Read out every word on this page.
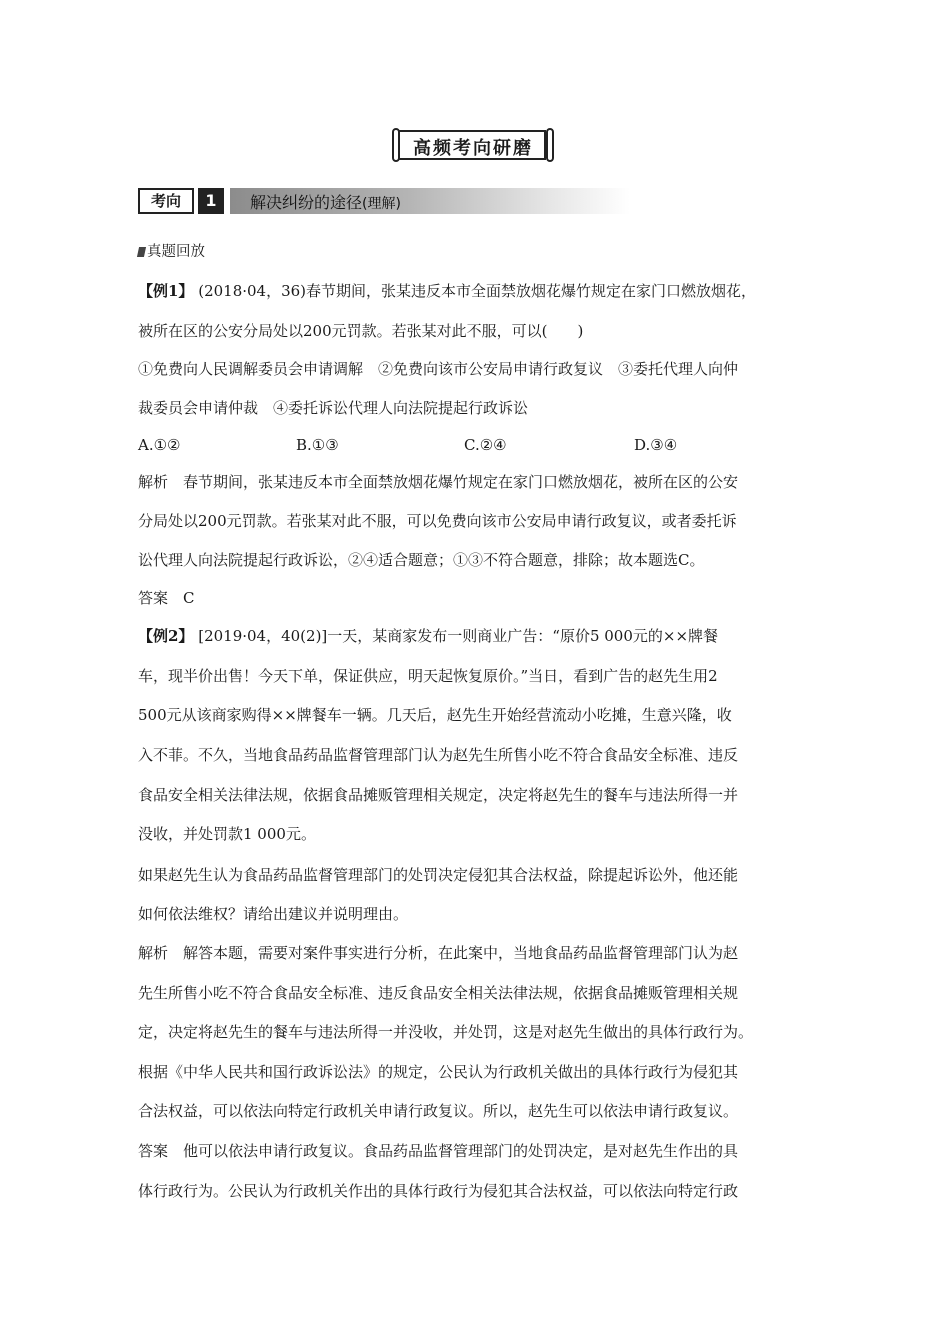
高频考向研磨
考向	1	解决纠纷的途径(理解)
真题回放
【例1】 (2018·04，36)春节期间，张某违反本市全面禁放烟花爆竹规定在家门口燃放烟花，
被所在区的公安分局处以200元罚款。若张某对此不服，可以(　　)
①免费向人民调解委员会申请调解　②免费向该市公安局申请行政复议　③委托代理人向仲
裁委员会申请仲裁　④委托诉讼代理人向法院提起行政诉讼
A.①②	B.①③	C.②④	D.③④
解析　春节期间，张某违反本市全面禁放烟花爆竹规定在家门口燃放烟花，被所在区的公安
分局处以200元罚款。若张某对此不服，可以免费向该市公安局申请行政复议，或者委托诉
讼代理人向法院提起行政诉讼，②④适合题意；①③不符合题意，排除；故本题选C。
答案　C
【例2】 [2019·04，40(2)]一天，某商家发布一则商业广告：“原价5 000元的××牌餐
车，现半价出售！今天下单，保证供应，明天起恢复原价。”当日，看到广告的赵先生用2
500元从该商家购得××牌餐车一辆。几天后，赵先生开始经营流动小吃摊，生意兴隆，收
入不菲。不久，当地食品药品监督管理部门认为赵先生所售小吃不符合食品安全标准、违反
食品安全相关法律法规，依据食品摊贩管理相关规定，决定将赵先生的餐车与违法所得一并
没收，并处罚款1 000元。
如果赵先生认为食品药品监督管理部门的处罚决定侵犯其合法权益，除提起诉讼外，他还能
如何依法维权？请给出建议并说明理由。
解析　解答本题，需要对案件事实进行分析，在此案中，当地食品药品监督管理部门认为赵
先生所售小吃不符合食品安全标准、违反食品安全相关法律法规，依据食品摊贩管理相关规
定，决定将赵先生的餐车与违法所得一并没收，并处罚，这是对赵先生做出的具体行政行为。
根据《中华人民共和国行政诉讼法》的规定，公民认为行政机关做出的具体行政行为侵犯其
合法权益，可以依法向特定行政机关申请行政复议。所以，赵先生可以依法申请行政复议。
答案　他可以依法申请行政复议。食品药品监督管理部门的处罚决定，是对赵先生作出的具
体行政行为。公民认为行政机关作出的具体行政行为侵犯其合法权益，可以依法向特定行政
